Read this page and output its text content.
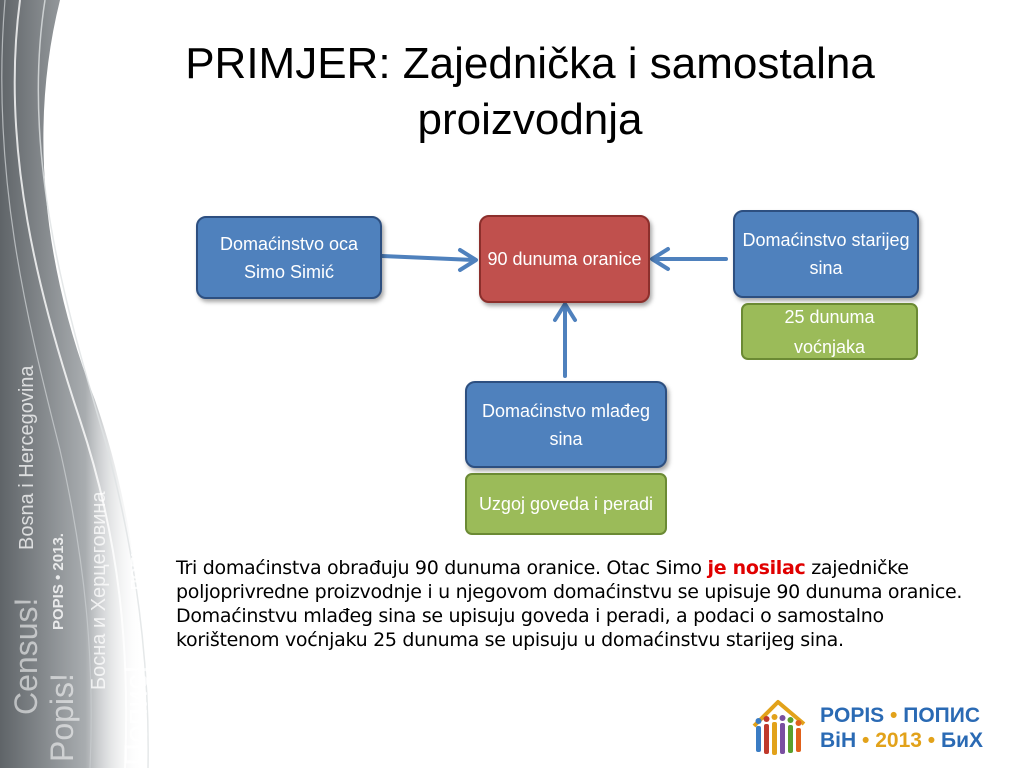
Census!
Popis! Попис!
Bosna i Hercegovina
Босна и Херцеговина
POPIS • 2013.	ПОПИС • 2013.
PRIMJER: Zajednička i samostalna proizvodnja
Domaćinstvo oca Simo Simić
90 dunuma oranice
Domaćinstvo starijeg sina
25 dunuma voćnjaka
Domaćinstvo mlađeg sina
Uzgoj goveda i peradi
Tri domaćinstva obrađuju 90 dunuma oranice. Otac Simo je nosilac zajedničke poljoprivredne proizvodnje i u njegovom domaćinstvu se upisuje 90 dunuma oranice. Domaćinstvu mlađeg sina se upisuju goveda i peradi, a podaci o samostalno korištenom voćnjaku 25 dunuma se upisuju u domaćinstvu starijeg sina.
POPIS • ПОПИС
BiH • 2013 • БиХ
